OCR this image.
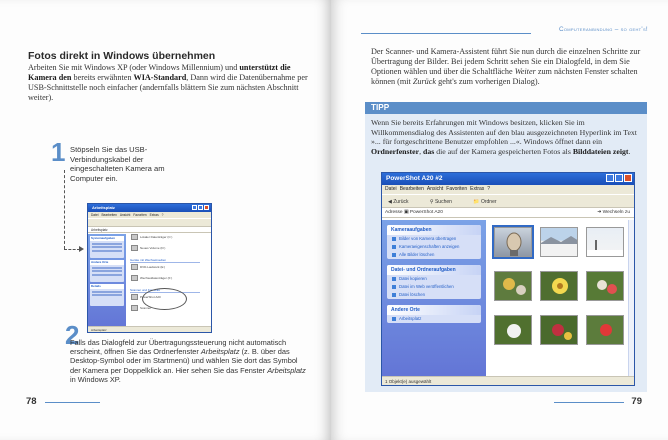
Fotos direkt in Windows übernehmen
Arbeiten Sie mit Windows XP (oder Windows Millennium) und unterstützt die Kamera den bereits erwähnten WIA-Standard, Dann wird die Datenübernahme per USB-Schnittstelle noch einfacher (andernfalls blättern Sie zum nächsten Abschnitt weiter).
1 Stöpseln Sie das USB-Verbindungskabel der eingeschalteten Kamera am Computer ein.
Arbeitsplatz
Datei Bearbeiten Ansicht Favoriten Extras ?
Arbeitsplatz
Systemaufgaben
Andere Orte
Details
Lokaler Datenträger (C:)
Neues Volume (D:)
Geräte mit Wechselmedien
DVD-Laufwerk (E:)
Wechseldatenträger (F:)
Scanner und Kameras
PowerShot A20
Scanner
Arbeitsplatz
2
Falls das Dialogfeld zur Übertragungssteuerung nicht automatisch erscheint, öffnen Sie das Ordnerfenster Arbeitsplatz (z. B. über das Desktop-Symbol oder im Startmenü) und wählen Sie dort das Symbol der Kamera per Doppelklick an. Hier sehen Sie das Fenster Arbeitsplatz in Windows XP.
78
Computeranbindung – so geht's!
Der Scanner- und Kamera-Assistent führt Sie nun durch die einzelnen Schritte zur Übertragung der Bilder. Bei jedem Schritt sehen Sie ein Dialogfeld, in dem Sie Optionen wählen und über die Schaltfläche Weiter zum nächsten Fenster schalten können (mit Zurück geht's zum vorherigen Dialog).
TIPP
Wenn Sie bereits Erfahrungen mit Windows besitzen, klicken Sie im Willkommensdialog des Assistenten auf den blau ausgezeichneten Hyperlink im Text »... für fortgeschrittene Benutzer empfohlen ...«. Windows öffnet dann ein Ordnerfenster, das die auf der Kamera gespeicherten Fotos als Bilddateien zeigt.
PowerShot A20 #2
Datei Bearbeiten Ansicht Favoriten Extras ?
◀ Zurück	⚲ Suchen	📁 Ordner
Adresse ▣ PowerShot A20	➜ Wechseln zu
Kameraaufgaben
Bilder von Kamera übertragen
Kameraeigenschaften anzeigen
Alle Bilder löschen
Datei- und Ordneraufgaben
Datei kopieren
Datei im Web veröffentlichen
Datei löschen
Andere Orte
Arbeitsplatz
1 Objekt(e) ausgewählt
79
